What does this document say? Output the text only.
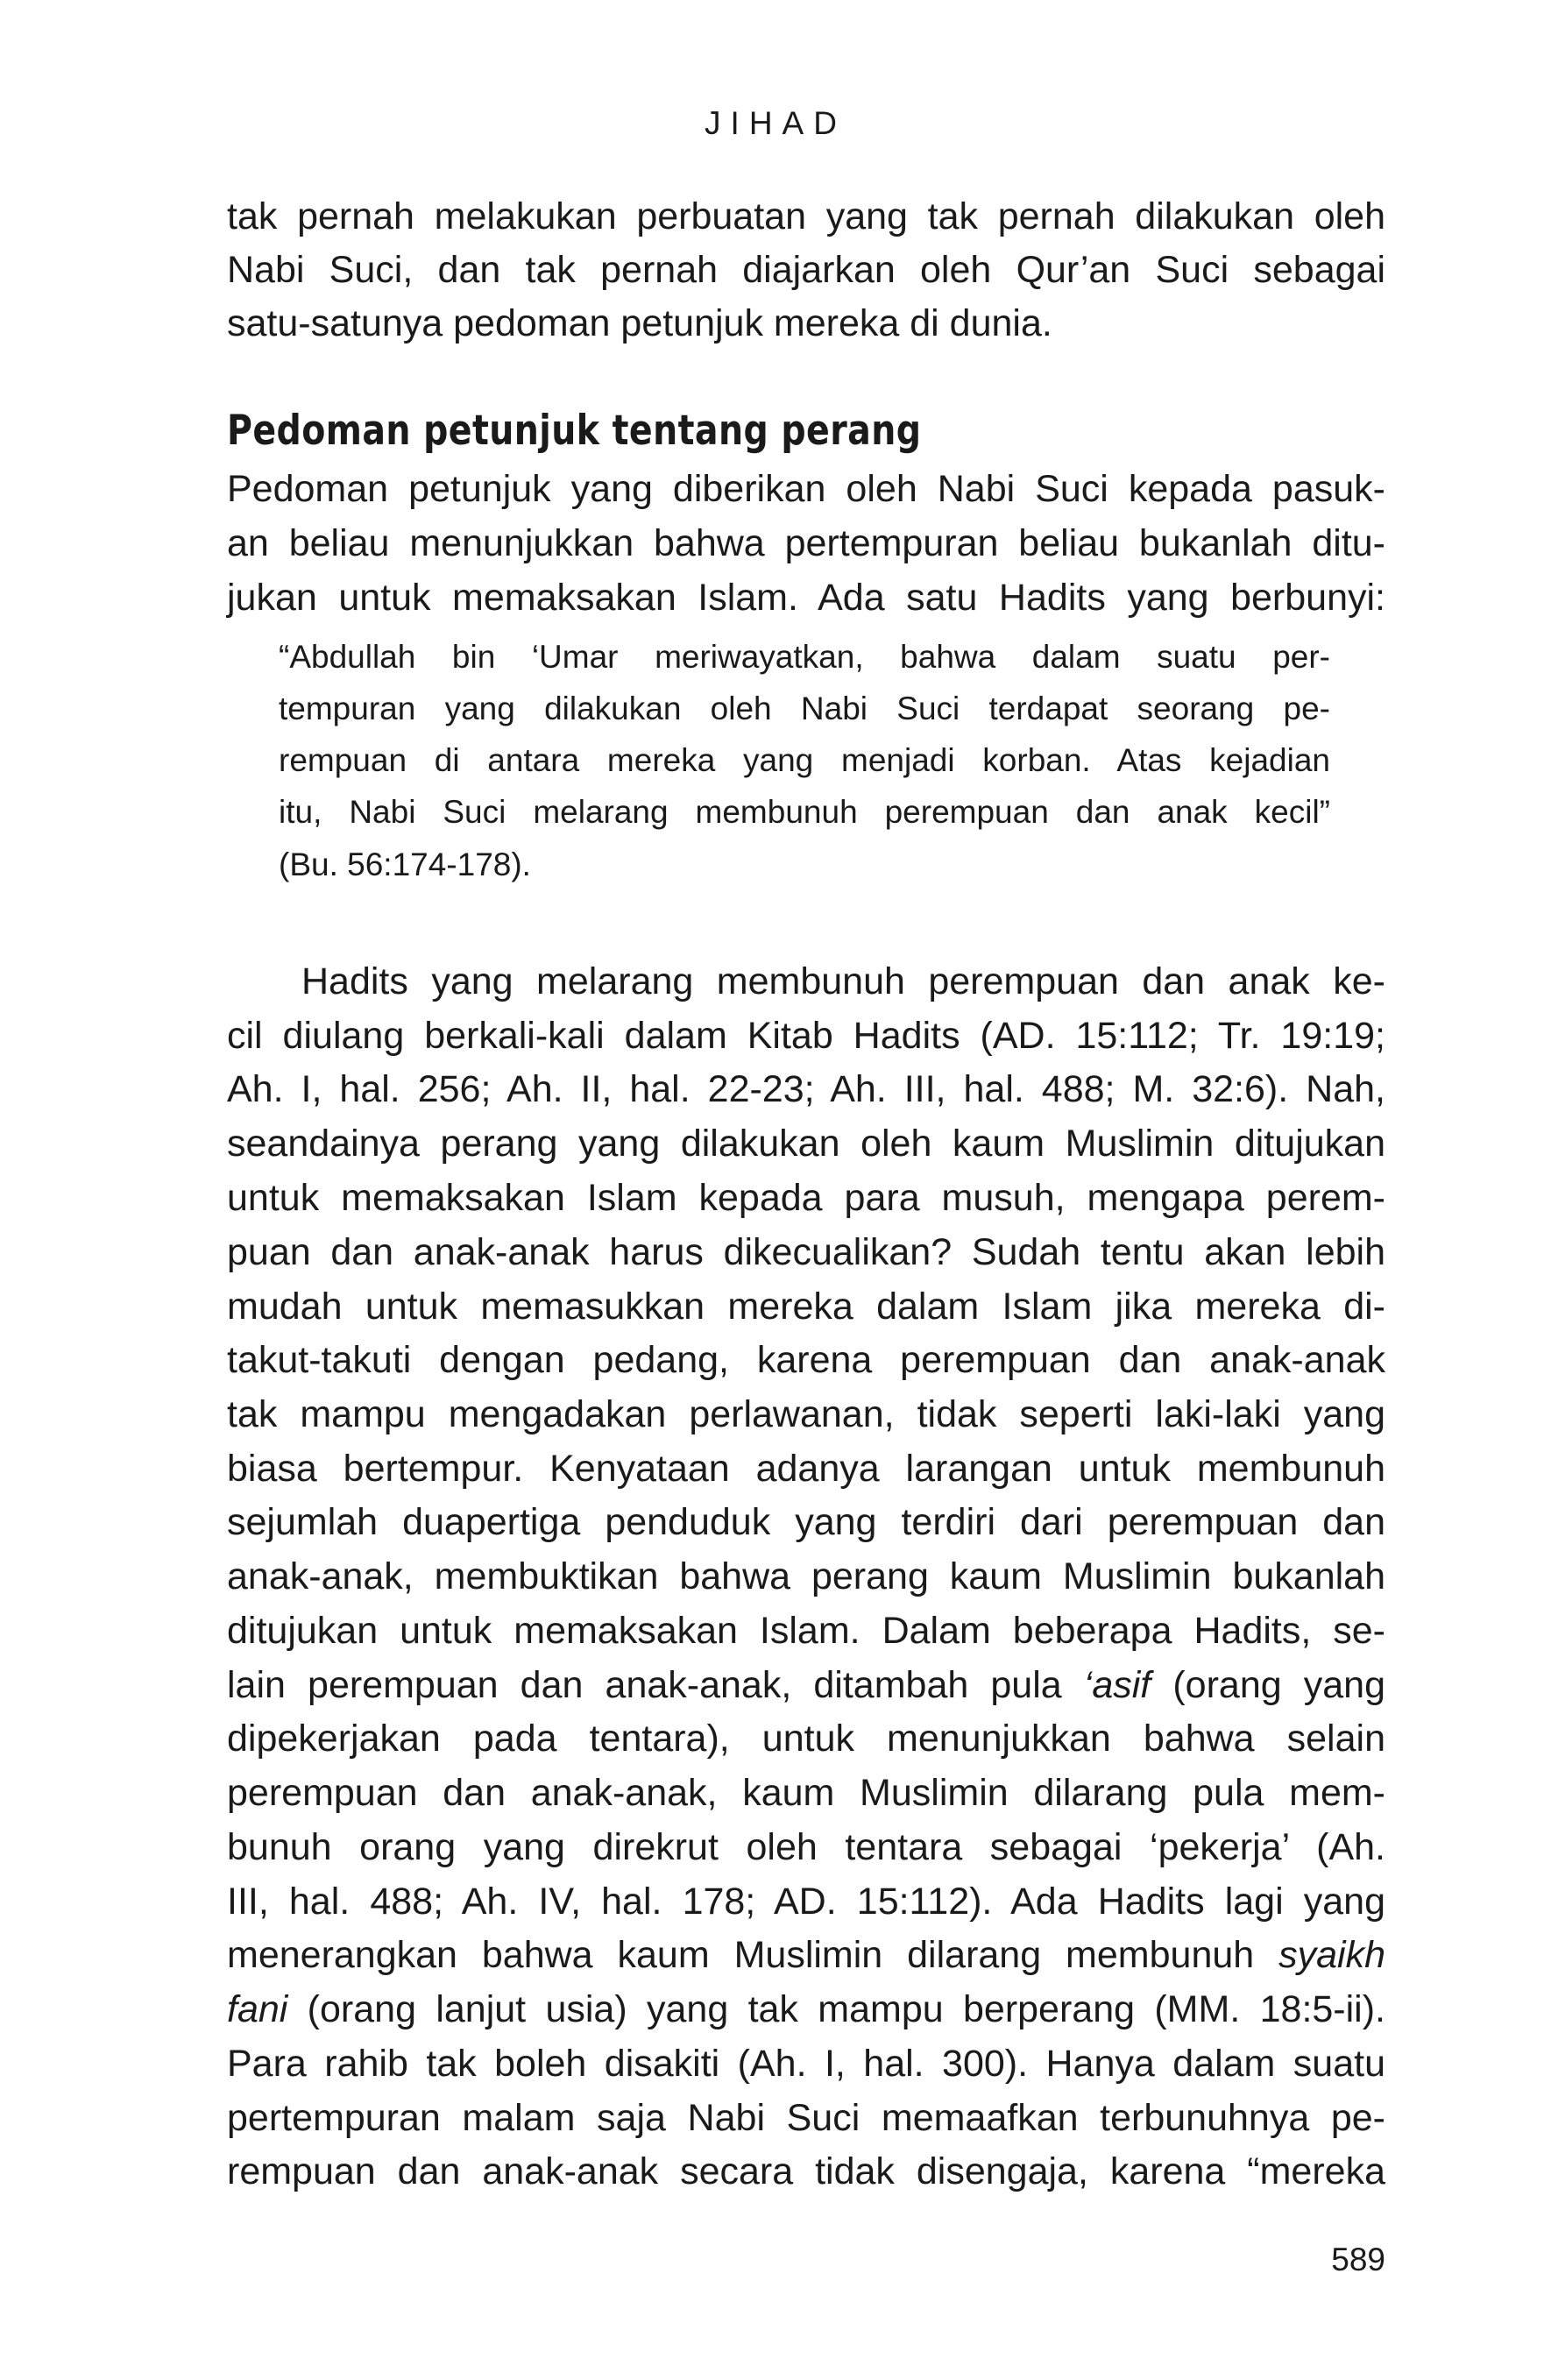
JIHAD
tak pernah melakukan perbuatan yang tak pernah dilakukan oleh
Nabi Suci, dan tak pernah diajarkan oleh Qur’an Suci sebagai
satu-satunya pedoman petunjuk mereka di dunia.
Pedoman petunjuk tentang perang
Pedoman petunjuk yang diberikan oleh Nabi Suci kepada pasuk-
an beliau menunjukkan bahwa pertempuran beliau bukanlah ditu-
jukan untuk memaksakan Islam. Ada satu Hadits yang berbunyi:
“Abdullah bin ‘Umar meriwayatkan, bahwa dalam suatu per-
tempuran yang dilakukan oleh Nabi Suci terdapat seorang pe-
rempuan di antara mereka yang menjadi korban. Atas kejadian
itu, Nabi Suci melarang membunuh perempuan dan anak kecil”
(Bu. 56:174-178).
Hadits yang melarang membunuh perempuan dan anak ke-
cil diulang berkali-kali dalam Kitab Hadits (AD. 15:112; Tr. 19:19;
Ah. I, hal. 256; Ah. II, hal. 22-23; Ah. III, hal. 488; M. 32:6). Nah,
seandainya perang yang dilakukan oleh kaum Muslimin ditujukan
untuk memaksakan Islam kepada para musuh, mengapa perem-
puan dan anak-anak harus dikecualikan? Sudah tentu akan lebih
mudah untuk memasukkan mereka dalam Islam jika mereka di-
takut-takuti dengan pedang, karena perempuan dan anak-anak
tak mampu mengadakan perlawanan, tidak seperti laki-laki yang
biasa bertempur. Kenyataan adanya larangan untuk membunuh
sejumlah duapertiga penduduk yang terdiri dari perempuan dan
anak-anak, membuktikan bahwa perang kaum Muslimin bukanlah
ditujukan untuk memaksakan Islam. Dalam beberapa Hadits, se-
lain perempuan dan anak-anak, ditambah pula ‘asif (orang yang
dipekerjakan pada tentara), untuk menunjukkan bahwa selain
perempuan dan anak-anak, kaum Muslimin dilarang pula mem-
bunuh orang yang direkrut oleh tentara sebagai ‘pekerja’ (Ah.
III, hal. 488; Ah. IV, hal. 178; AD. 15:112). Ada Hadits lagi yang
menerangkan bahwa kaum Muslimin dilarang membunuh syaikh
fani (orang lanjut usia) yang tak mampu berperang (MM. 18:5-ii).
Para rahib tak boleh disakiti (Ah. I, hal. 300). Hanya dalam suatu
pertempuran malam saja Nabi Suci memaafkan terbunuhnya pe-
rempuan dan anak-anak secara tidak disengaja, karena “mereka
589
